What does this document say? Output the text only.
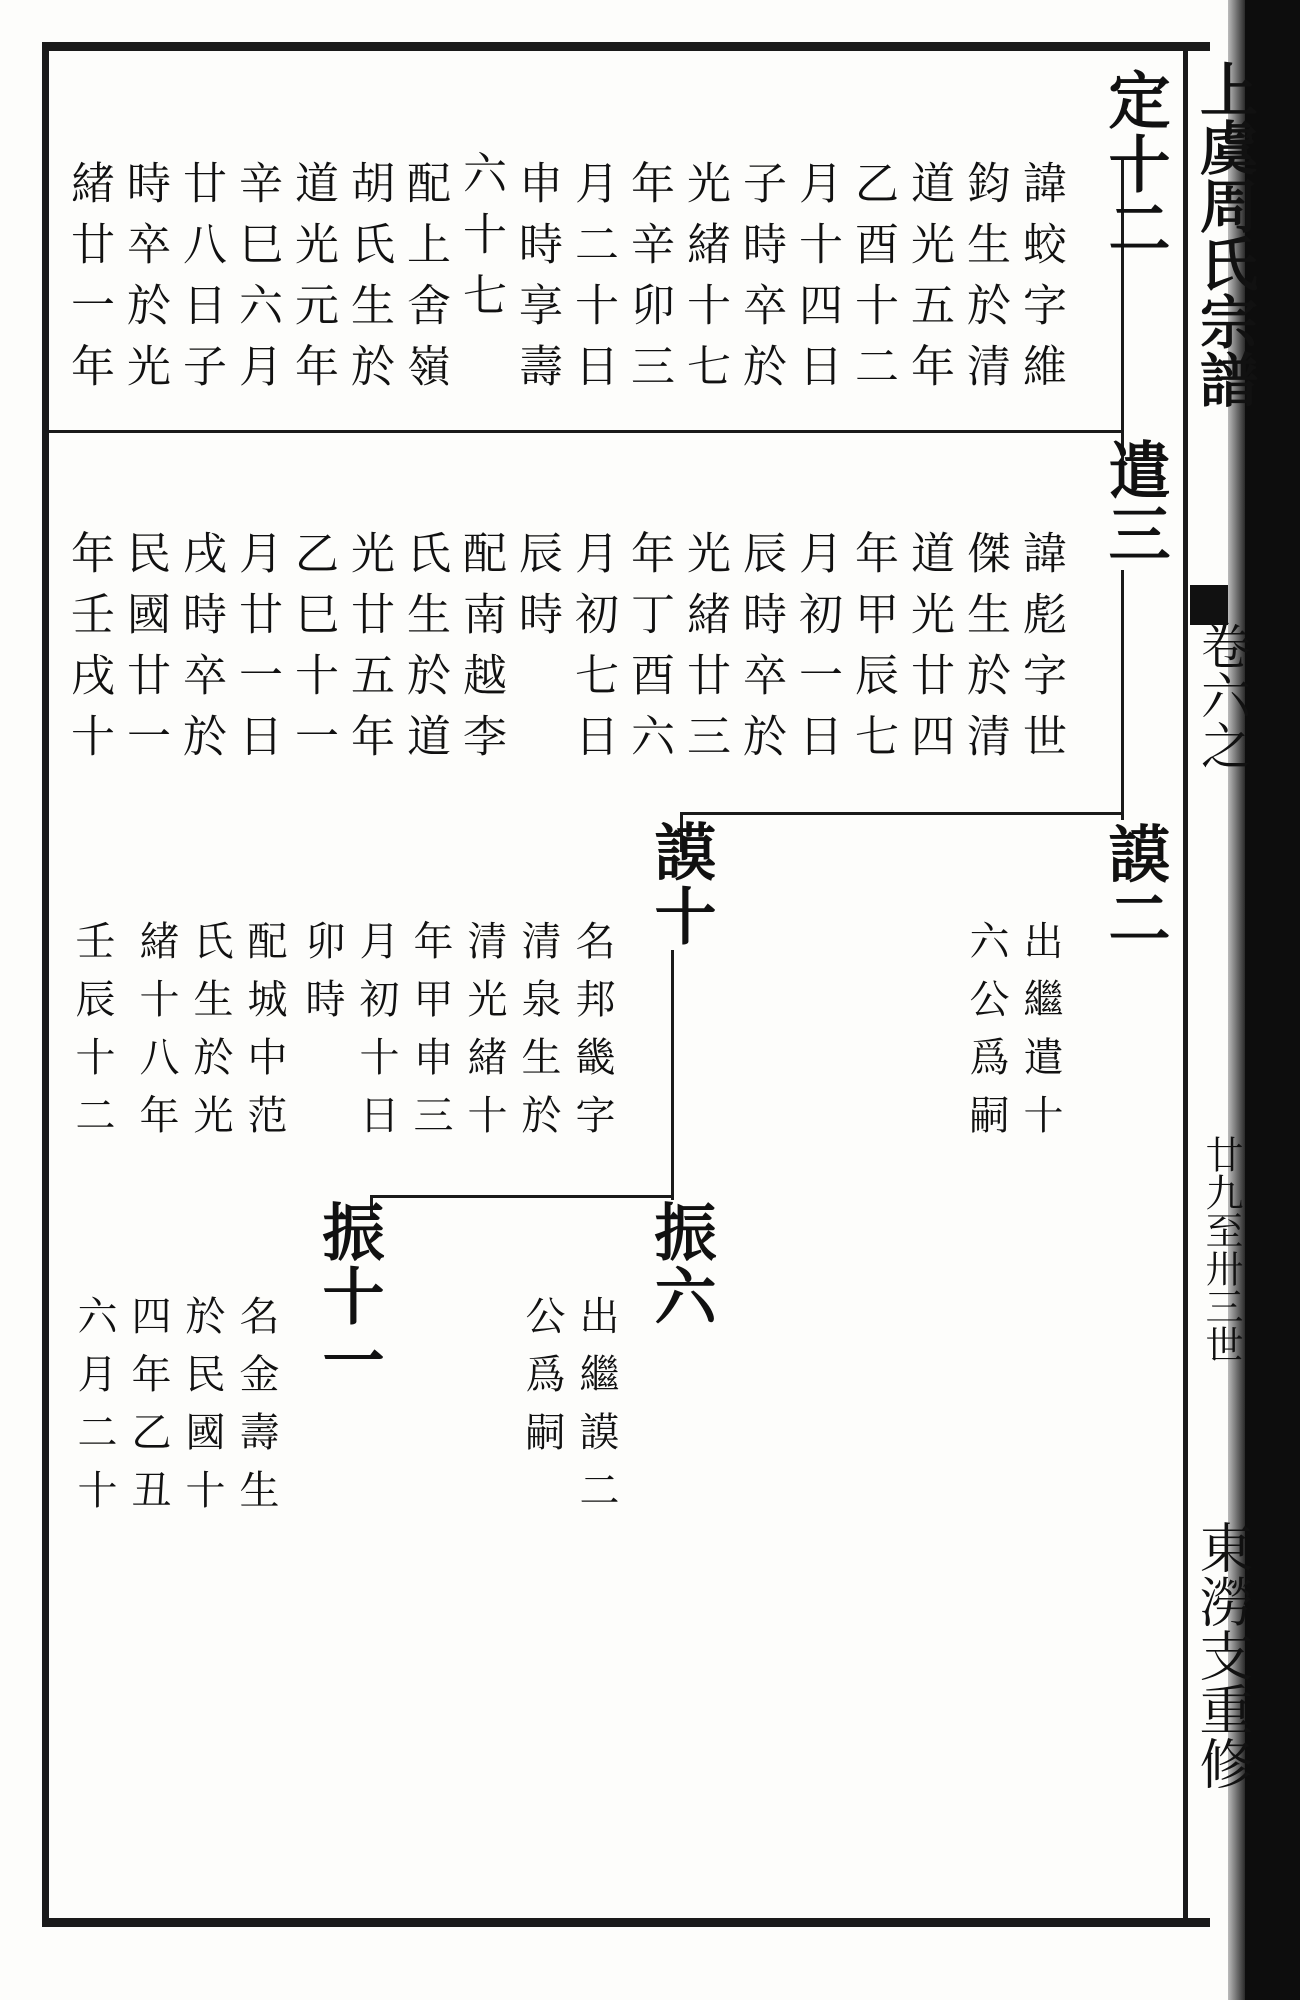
上虞周氏宗譜
卷六之
廿九至卅三世
東澇支重修
定十二
諱蛟字維
鈞生於清
道光五年
乙酉十二
月十四日
子時卒於
光緒十七
年辛卯三
月二十日
申時享壽
六十七
配上舍嶺
胡氏生於
道光元年
辛巳六月
廿八日子
時卒於光
緒廿一年
遣三
諱彪字世
傑生於清
道光廿四
年甲辰七
月初一日
辰時卒於
光緒廿三
年丁酉六
月初七日
辰時
配南越李
氏生於道
光廿五年
乙巳十一
月廿一日
戌時卒於
民國廿一
年壬戌十
謨二
出繼遣十
六公爲嗣
謨十
名邦畿字
清泉生於
清光緒十
年甲申三
月初十日
卯時
配城中范
氏生於光
緒十八年
壬辰十二
振六
出繼謨二
公爲嗣
振十一
名金壽生
於民國十
四年乙丑
六月二十
